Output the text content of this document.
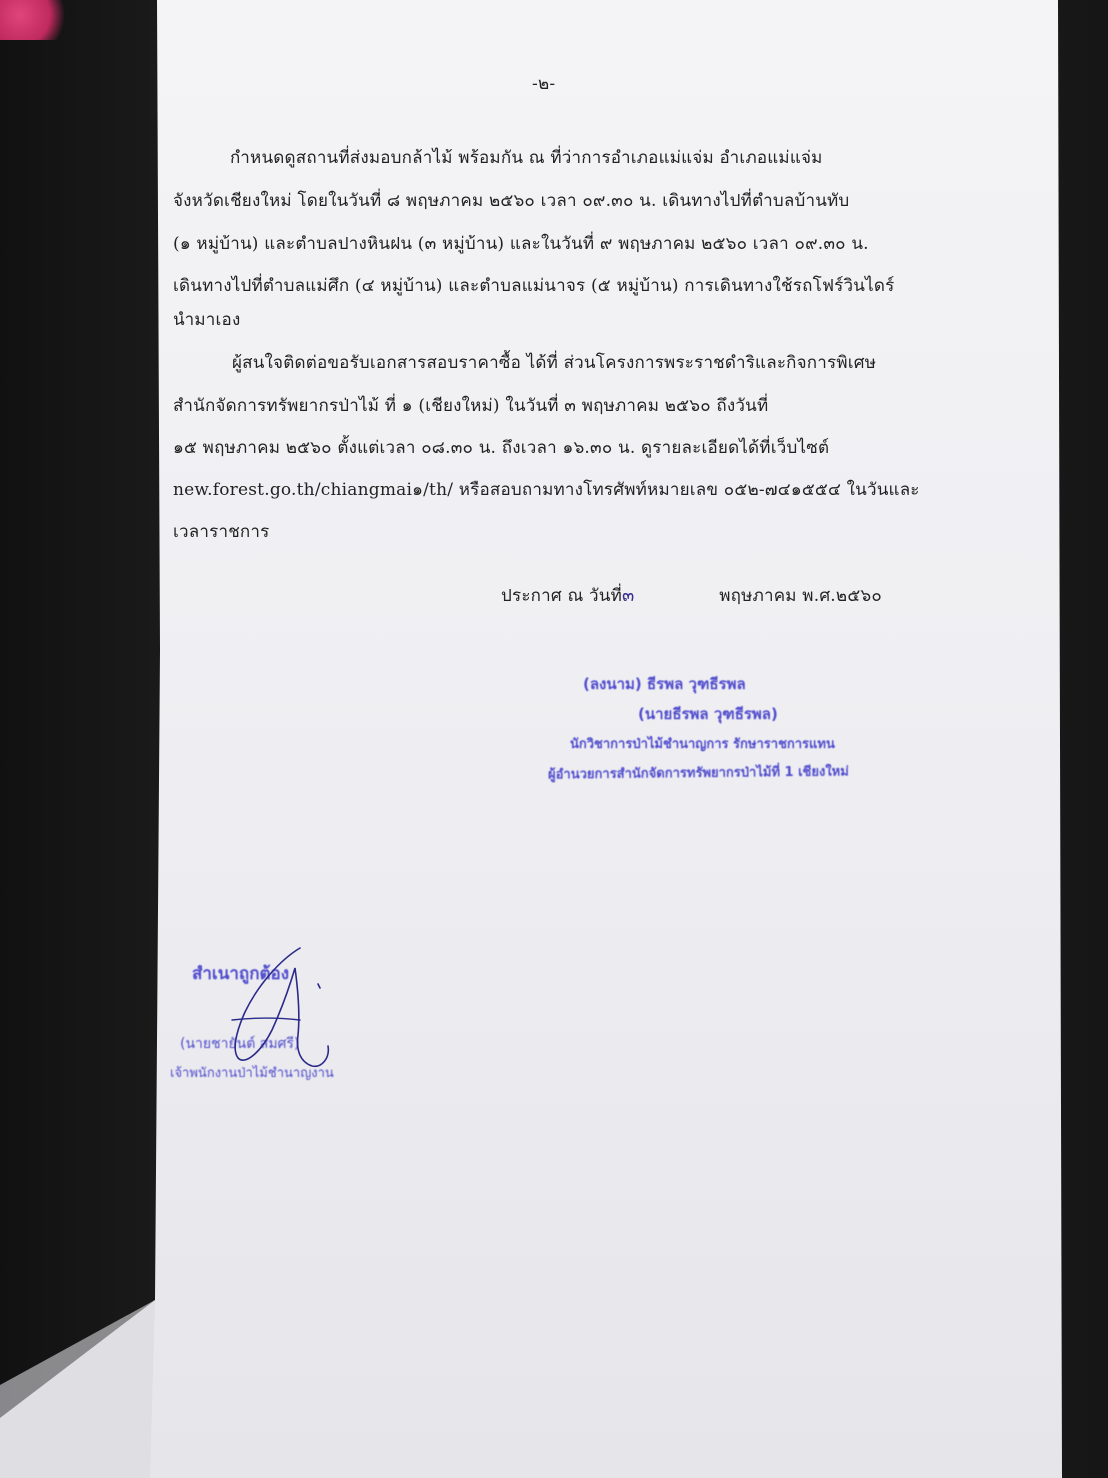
-๒-
กำหนดดูสถานที่ส่งมอบกล้าไม้ พร้อมกัน ณ ที่ว่าการอำเภอแม่แจ่ม อำเภอแม่แจ่ม
จังหวัดเชียงใหม่ โดยในวันที่ ๘ พฤษภาคม ๒๕๖๐ เวลา ๐๙.๓๐ น. เดินทางไปที่ตำบลบ้านทับ
(๑ หมู่บ้าน) และตำบลปางหินฝน (๓ หมู่บ้าน) และในวันที่ ๙ พฤษภาคม ๒๕๖๐ เวลา ๐๙.๓๐ น.
เดินทางไปที่ตำบลแม่ศึก (๔ หมู่บ้าน) และตำบลแม่นาจร (๕ หมู่บ้าน) การเดินทางใช้รถโฟร์วินไดร์
นำมาเอง
ผู้สนใจติดต่อขอรับเอกสารสอบราคาซื้อ ได้ที่ ส่วนโครงการพระราชดำริและกิจการพิเศษ
สำนักจัดการทรัพยากรป่าไม้ ที่ ๑ (เชียงใหม่) ในวันที่ ๓ พฤษภาคม ๒๕๖๐ ถึงวันที่
๑๕ พฤษภาคม ๒๕๖๐ ตั้งแต่เวลา ๐๘.๓๐ น. ถึงเวลา ๑๖.๓๐ น. ดูรายละเอียดได้ที่เว็บไซต์
new.forest.go.th/chiangmai๑/th/ หรือสอบถามทางโทรศัพท์หมายเลข ๐๕๒-๗๔๑๕๕๔ ในวันและ
เวลาราชการ
ประกาศ ณ วันที่	พฤษภาคม พ.ศ.๒๕๖๐
๓
(ลงนาม) ธีรพล วุฑธีรพล
(นายธีรพล วุฑธีรพล)
นักวิชาการป่าไม้ชำนาญการ รักษาราชการแทน
ผู้อำนวยการสำนักจัดการทรัพยากรป่าไม้ที่ 1 เชียงใหม่
สำเนาถูกต้อง
(นายชายันต์ สมศรี)
เจ้าพนักงานป่าไม้ชำนาญงาน
